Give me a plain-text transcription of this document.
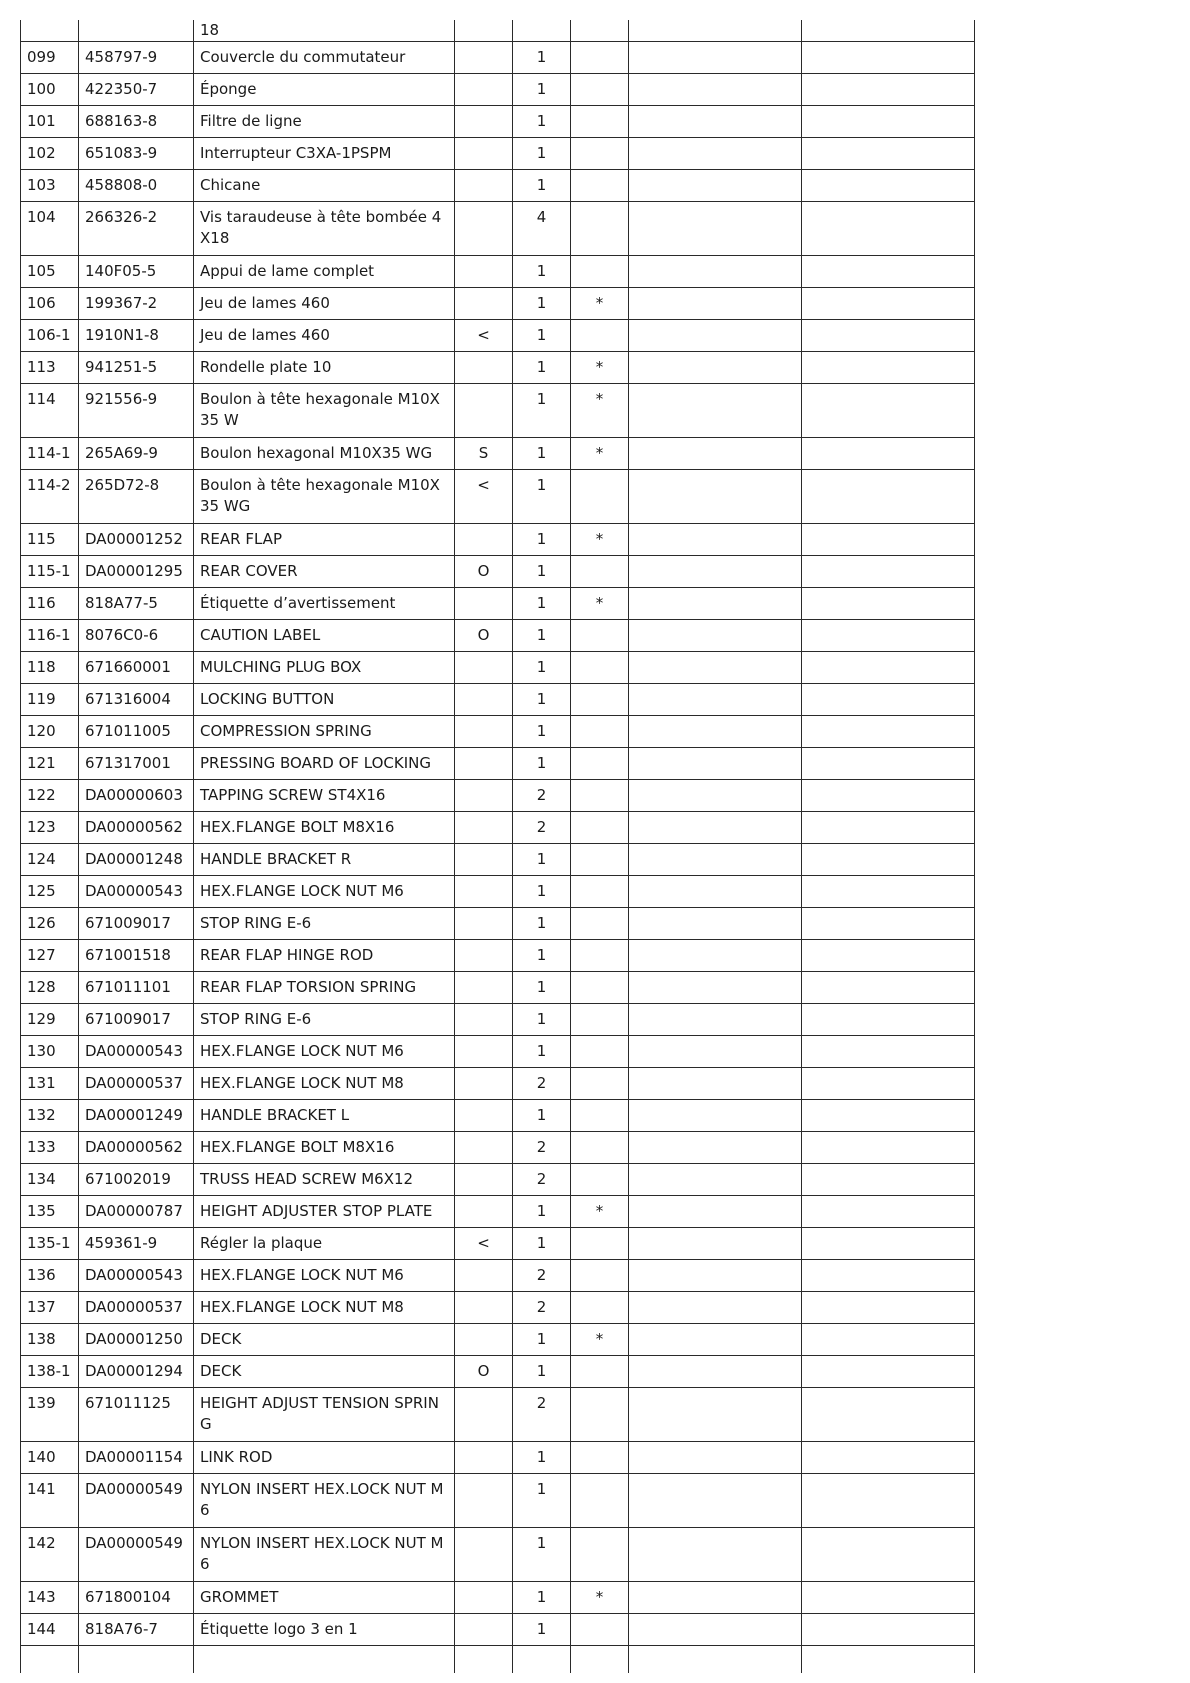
		18					
099	458797-9	Couvercle du commutateur		1			
100	422350-7	Éponge		1			
101	688163-8	Filtre de ligne		1			
102	651083-9	Interrupteur C3XA-1PSPM		1			
103	458808-0	Chicane		1			
104	266326-2	Vis taraudeuse à tête bombée 4X18		4			
105	140F05-5	Appui de lame complet		1			
106	199367-2	Jeu de lames 460		1	*		
106-1	1910N1-8	Jeu de lames 460	<	1			
113	941251-5	Rondelle plate 10		1	*		
114	921556-9	Boulon à tête hexagonale M10X35 W		1	*		
114-1	265A69-9	Boulon hexagonal M10X35 WG	S	1	*		
114-2	265D72-8	Boulon à tête hexagonale M10X35 WG	<	1			
115	DA00001252	REAR FLAP		1	*		
115-1	DA00001295	REAR COVER	O	1			
116	818A77-5	Étiquette d’avertissement		1	*		
116-1	8076C0-6	CAUTION LABEL	O	1			
118	671660001	MULCHING PLUG BOX		1			
119	671316004	LOCKING BUTTON		1			
120	671011005	COMPRESSION SPRING		1			
121	671317001	PRESSING BOARD OF LOCKING		1			
122	DA00000603	TAPPING SCREW ST4X16		2			
123	DA00000562	HEX.FLANGE BOLT M8X16		2			
124	DA00001248	HANDLE BRACKET R		1			
125	DA00000543	HEX.FLANGE LOCK NUT M6		1			
126	671009017	STOP RING E-6		1			
127	671001518	REAR FLAP HINGE ROD		1			
128	671011101	REAR FLAP TORSION SPRING		1			
129	671009017	STOP RING E-6		1			
130	DA00000543	HEX.FLANGE LOCK NUT M6		1			
131	DA00000537	HEX.FLANGE LOCK NUT M8		2			
132	DA00001249	HANDLE BRACKET L		1			
133	DA00000562	HEX.FLANGE BOLT M8X16		2			
134	671002019	TRUSS HEAD SCREW M6X12		2			
135	DA00000787	HEIGHT ADJUSTER STOP PLATE		1	*		
135-1	459361-9	Régler la plaque	<	1			
136	DA00000543	HEX.FLANGE LOCK NUT M6		2			
137	DA00000537	HEX.FLANGE LOCK NUT M8		2			
138	DA00001250	DECK		1	*		
138-1	DA00001294	DECK	O	1			
139	671011125	HEIGHT ADJUST TENSION SPRING		2			
140	DA00001154	LINK ROD		1			
141	DA00000549	NYLON INSERT HEX.LOCK NUT M6		1			
142	DA00000549	NYLON INSERT HEX.LOCK NUT M6		1			
143	671800104	GROMMET		1	*		
144	818A76-7	Étiquette logo 3 en 1		1			
